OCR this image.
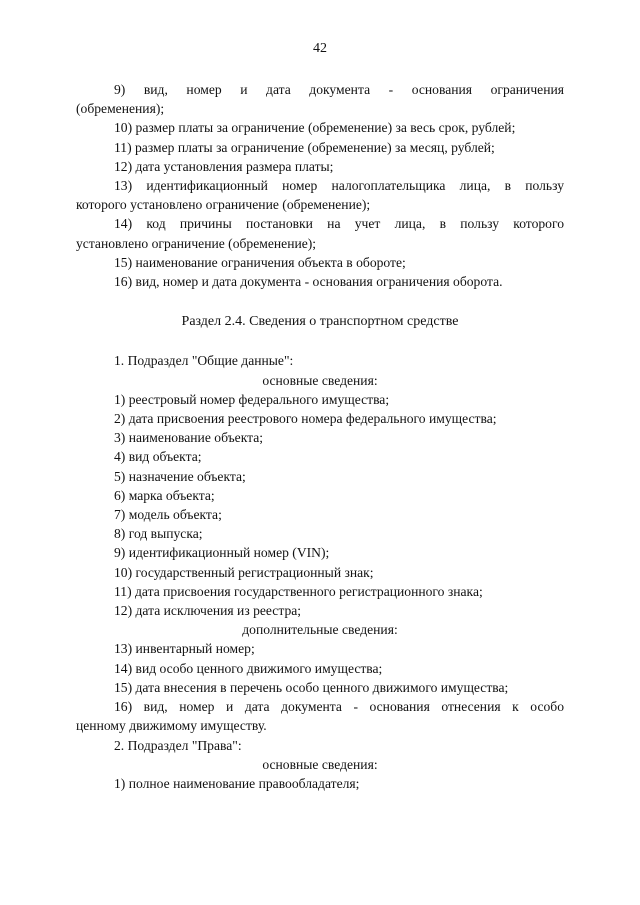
42

9) вид, номер и дата документа - основания ограничения
(обременения);

10) размер платы за ограничение (обременение) за весь срок, рублей;

11) размер платы за ограничение (обременение) за месяц, рублей;

12) дата установления размера платы;

13) идентификационный номер налогоплательщика лица, в пользу
которого установлено ограничение (обременение);

14) код причины постановки на учет лица, в пользу которого
установлено ограничение (обременение);

15) наименование ограничения объекта в обороте;

16) вид, номер и дата документа - основания ограничения оборота.

Раздел 2.4. Сведения о транспортном средстве

1. Подраздел "Общие данные":

основные сведения:

1) реестровый номер федерального имущества;

2) дата присвоения реестрового номера федерального имущества;

3) наименование объекта;

4) вид объекта;

5) назначение объекта;

6) марка объекта;

7) модель объекта;

8) год выпуска;

9) идентификационный номер (VIN);

10) государственный регистрационный знак;

11) дата присвоения государственного регистрационного знака;

12) дата исключения из реестра;

дополнительные сведения:

13) инвентарный номер;

14) вид особо ценного движимого имущества;

15) дата внесения в перечень особо ценного движимого имущества;

16) вид, номер и дата документа - основания отнесения к особо
ценному движимому имуществу.

2. Подраздел "Права":

основные сведения:

1) полное наименование правообладателя;
